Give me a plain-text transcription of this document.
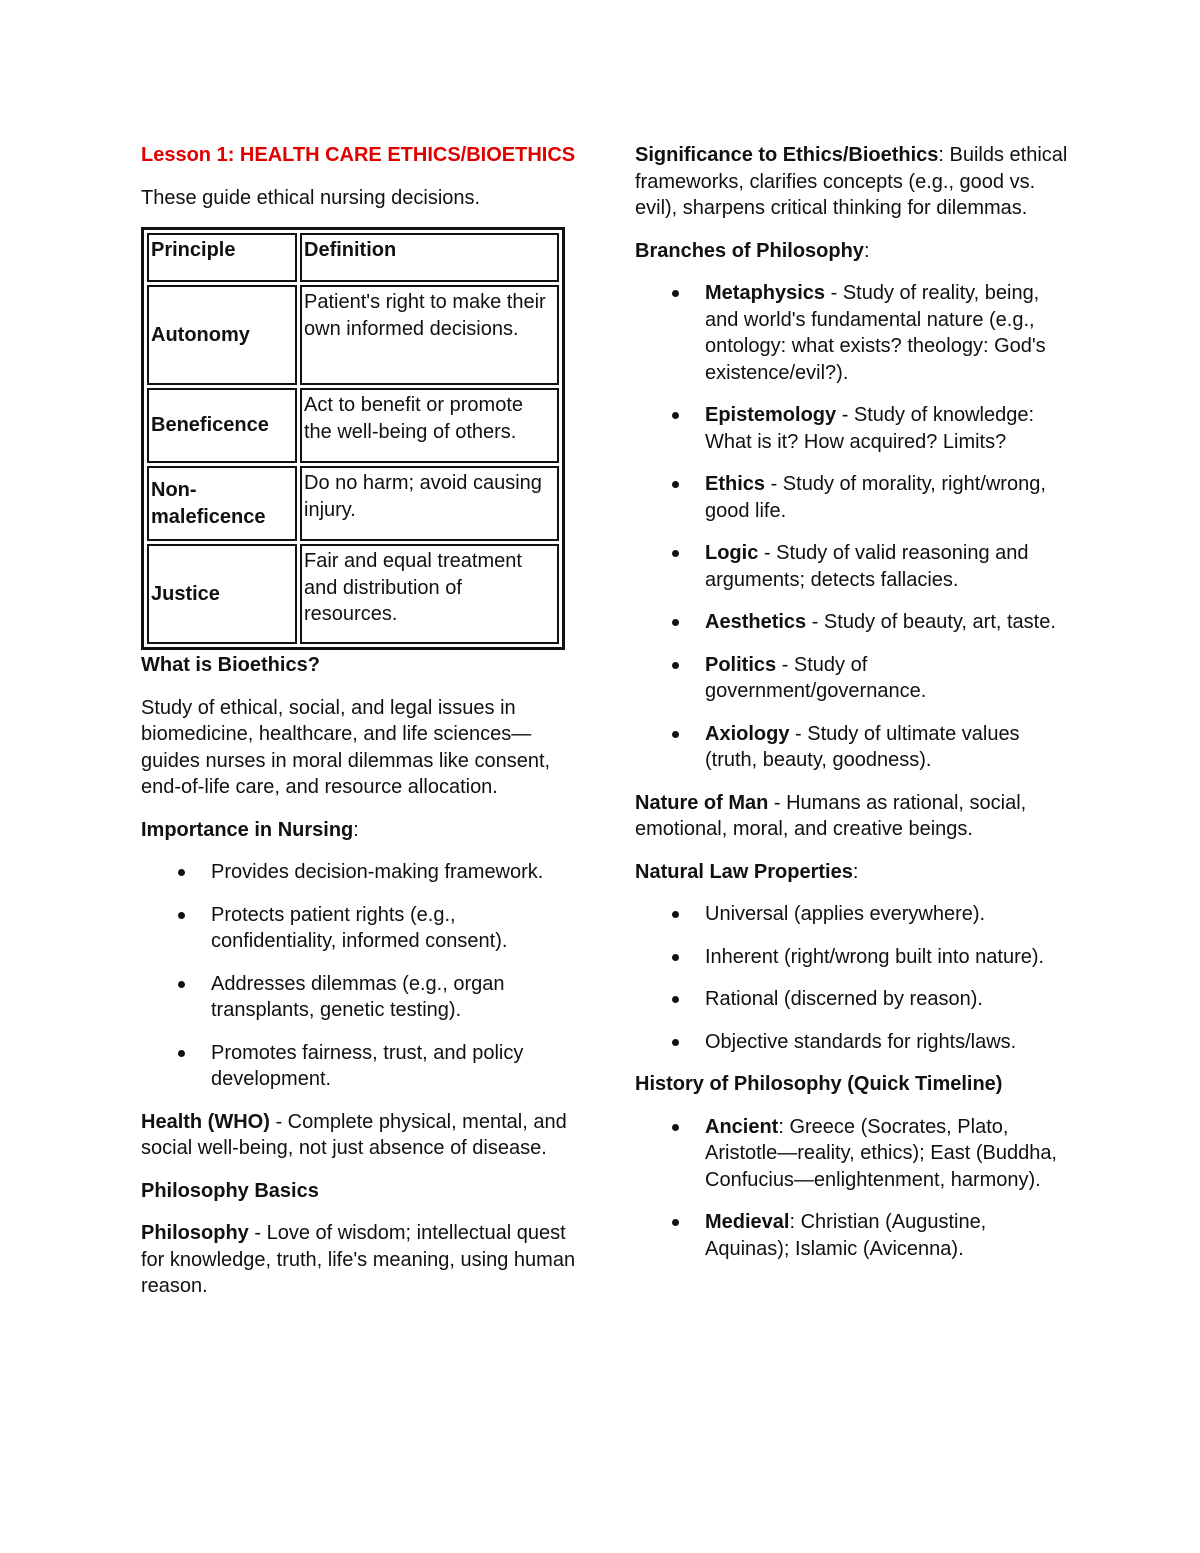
Lesson 1: HEALTH CARE ETHICS/BIOETHICS

These guide ethical nursing decisions.

Principle	Definition
Autonomy	Patient's right to make their own informed decisions.
Beneficence	Act to benefit or promote the well-being of others.
Non-maleficence	Do no harm; avoid causing injury.
Justice	Fair and equal treatment and distribution of resources.

What is Bioethics?

Study of ethical, social, and legal issues in biomedicine, healthcare, and life sciences—guides nurses in moral dilemmas like consent, end-of-life care, and resource allocation.

Importance in Nursing:

Provides decision-making framework.
Protects patient rights (e.g., confidentiality, informed consent).
Addresses dilemmas (e.g., organ transplants, genetic testing).
Promotes fairness, trust, and policy development.

Health (WHO) - Complete physical, mental, and social well-being, not just absence of disease.

Philosophy Basics

Philosophy - Love of wisdom; intellectual quest for knowledge, truth, life's meaning, using human reason.

Significance to Ethics/Bioethics: Builds ethical frameworks, clarifies concepts (e.g., good vs. evil), sharpens critical thinking for dilemmas.

Branches of Philosophy:

Metaphysics - Study of reality, being, and world's fundamental nature (e.g., ontology: what exists? theology: God's existence/evil?).
Epistemology - Study of knowledge: What is it? How acquired? Limits?
Ethics - Study of morality, right/wrong, good life.
Logic - Study of valid reasoning and arguments; detects fallacies.
Aesthetics - Study of beauty, art, taste.
Politics - Study of government/governance.
Axiology - Study of ultimate values (truth, beauty, goodness).

Nature of Man - Humans as rational, social, emotional, moral, and creative beings.

Natural Law Properties:

Universal (applies everywhere).
Inherent (right/wrong built into nature).
Rational (discerned by reason).
Objective standards for rights/laws.

History of Philosophy (Quick Timeline)

Ancient: Greece (Socrates, Plato, Aristotle—reality, ethics); East (Buddha, Confucius—enlightenment, harmony).
Medieval: Christian (Augustine, Aquinas); Islamic (Avicenna).
